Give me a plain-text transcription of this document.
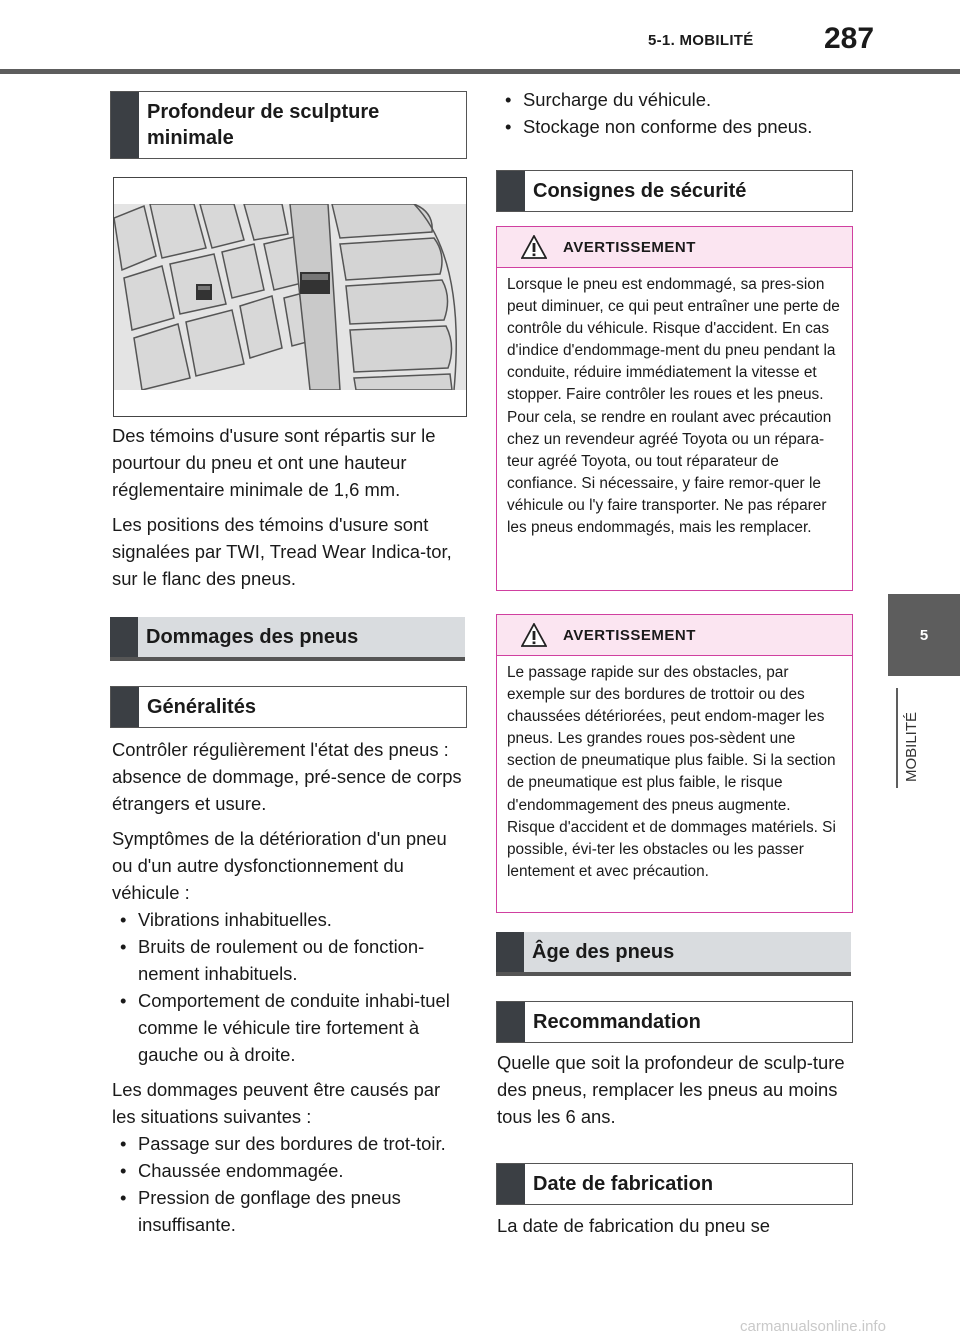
5-1. MOBILITÉ 287
5
MOBILITÉ
Profondeur de sculpture minimale

Des témoins d'usure sont répartis sur le pourtour du pneu et ont une hauteur réglementaire minimale de 1,6 mm.

Les positions des témoins d'usure sont signalées par TWI, Tread Wear Indica-tor, sur le flanc des pneus.

Dommages des pneus
Généralités

Contrôler régulièrement l'état des pneus : absence de dommage, pré-sence de corps étrangers et usure.

Symptômes de la détérioration d'un pneu ou d'un autre dysfonctionnement du véhicule :

• Vibrations inhabituelles.
• Bruits de roulement ou de fonction-nement inhabituels.
• Comportement de conduite inhabi-tuel comme le véhicule tire fortement à gauche ou à droite.

Les dommages peuvent être causés par les situations suivantes :

• Passage sur des bordures de trot-toir.
• Chaussée endommagée.
• Pression de gonflage des pneus insuffisante.
• Surcharge du véhicule.
• Stockage non conforme des pneus.
Consignes de sécurité
AVERTISSEMENT
Lorsque le pneu est endommagé, sa pres-sion peut diminuer, ce qui peut entraîner une perte de contrôle du véhicule. Risque d'accident. En cas d'indice d'endommage-ment du pneu pendant la conduite, réduire immédiatement la vitesse et stopper. Faire contrôler les roues et les pneus. Pour cela, se rendre en roulant avec précaution chez un revendeur agréé Toyota ou un répara-teur agréé Toyota, ou tout réparateur de confiance. Si nécessaire, y faire remor-quer le véhicule ou l'y faire transporter. Ne pas réparer les pneus endommagés, mais les remplacer.
AVERTISSEMENT
Le passage rapide sur des obstacles, par exemple sur des bordures de trottoir ou des chaussées détériorées, peut endom-mager les pneus. Les grandes roues pos-sèdent une section de pneumatique plus faible. Si la section de pneumatique est plus faible, le risque d'endommagement des pneus augmente. Risque d'accident et de dommages matériels. Si possible, évi-ter les obstacles ou les passer lentement et avec précaution.
Âge des pneus
Recommandation

Quelle que soit la profondeur de sculp-ture des pneus, remplacer les pneus au moins tous les 6 ans.

Date de fabrication

La date de fabrication du pneu se

carmanualsonline.info
